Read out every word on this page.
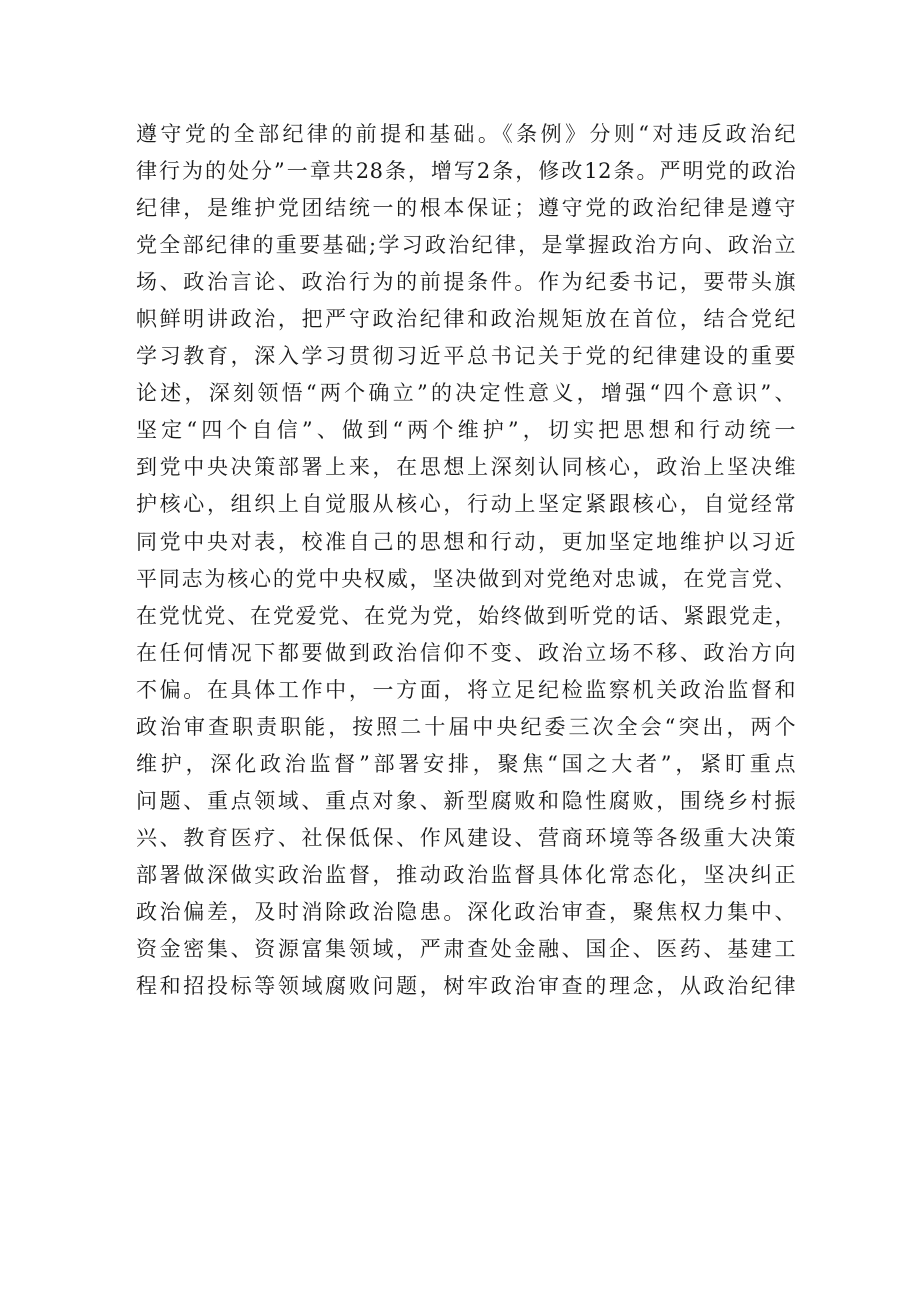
遵守党的全部纪律的前提和基础。《条例》分则“对违反政治纪
律行为的处分”一章共28条，增写2条，修改12条。严明党的政治
纪律，是维护党团结统一的根本保证；遵守党的政治纪律是遵守
党全部纪律的重要基础;学习政治纪律，是掌握政治方向、政治立
场、政治言论、政治行为的前提条件。作为纪委书记，要带头旗
帜鲜明讲政治，把严守政治纪律和政治规矩放在首位，结合党纪
学习教育，深入学习贯彻习近平总书记关于党的纪律建设的重要
论述，深刻领悟“两个确立”的决定性意义，增强“四个意识”、
坚定“四个自信”、做到“两个维护”，切实把思想和行动统一
到党中央决策部署上来，在思想上深刻认同核心，政治上坚决维
护核心，组织上自觉服从核心，行动上坚定紧跟核心，自觉经常
同党中央对表，校准自己的思想和行动，更加坚定地维护以习近
平同志为核心的党中央权威，坚决做到对党绝对忠诚，在党言党、
在党忧党、在党爱党、在党为党，始终做到听党的话、紧跟党走，
在任何情况下都要做到政治信仰不变、政治立场不移、政治方向
不偏。在具体工作中，一方面，将立足纪检监察机关政治监督和
政治审查职责职能，按照二十届中央纪委三次全会“突出，两个
维护，深化政治监督”部署安排，聚焦“国之大者”，紧盯重点
问题、重点领域、重点对象、新型腐败和隐性腐败，围绕乡村振
兴、教育医疗、社保低保、作风建设、营商环境等各级重大决策
部署做深做实政治监督，推动政治监督具体化常态化，坚决纠正
政治偏差，及时消除政治隐患。深化政治审查，聚焦权力集中、
资金密集、资源富集领域，严肃查处金融、国企、医药、基建工
程和招投标等领域腐败问题，树牢政治审查的理念，从政治纪律
